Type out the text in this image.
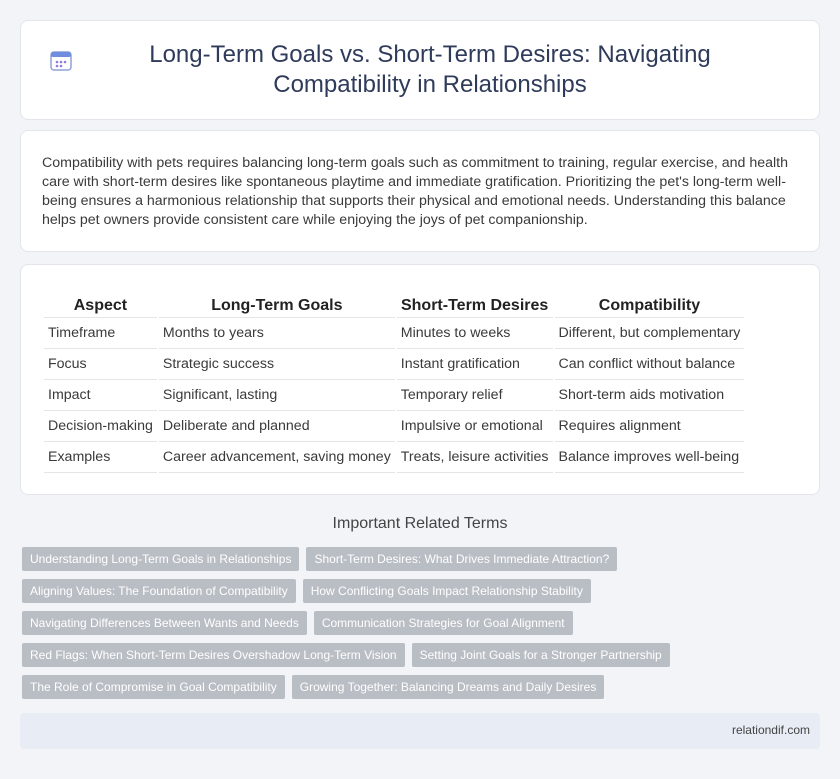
Long-Term Goals vs. Short-Term Desires: Navigating Compatibility in Relationships

Compatibility with pets requires balancing long-term goals such as commitment to training, regular exercise, and health care with short-term desires like spontaneous playtime and immediate gratification. Prioritizing the pet's long-term well-being ensures a harmonious relationship that supports their physical and emotional needs. Understanding this balance helps pet owners provide consistent care while enjoying the joys of pet companionship.

Aspect	Long-Term Goals	Short-Term Desires	Compatibility
Timeframe	Months to years	Minutes to weeks	Different, but complementary
Focus	Strategic success	Instant gratification	Can conflict without balance
Impact	Significant, lasting	Temporary relief	Short-term aids motivation
Decision-making	Deliberate and planned	Impulsive or emotional	Requires alignment
Examples	Career advancement, saving money	Treats, leisure activities	Balance improves well-being
Important Related Terms
Understanding Long-Term Goals in Relationships	Short-Term Desires: What Drives Immediate Attraction?
Aligning Values: The Foundation of Compatibility	How Conflicting Goals Impact Relationship Stability
Navigating Differences Between Wants and Needs	Communication Strategies for Goal Alignment
Red Flags: When Short-Term Desires Overshadow Long-Term Vision	Setting Joint Goals for a Stronger Partnership
The Role of Compromise in Goal Compatibility	Growing Together: Balancing Dreams and Daily Desires
relationdif.com
